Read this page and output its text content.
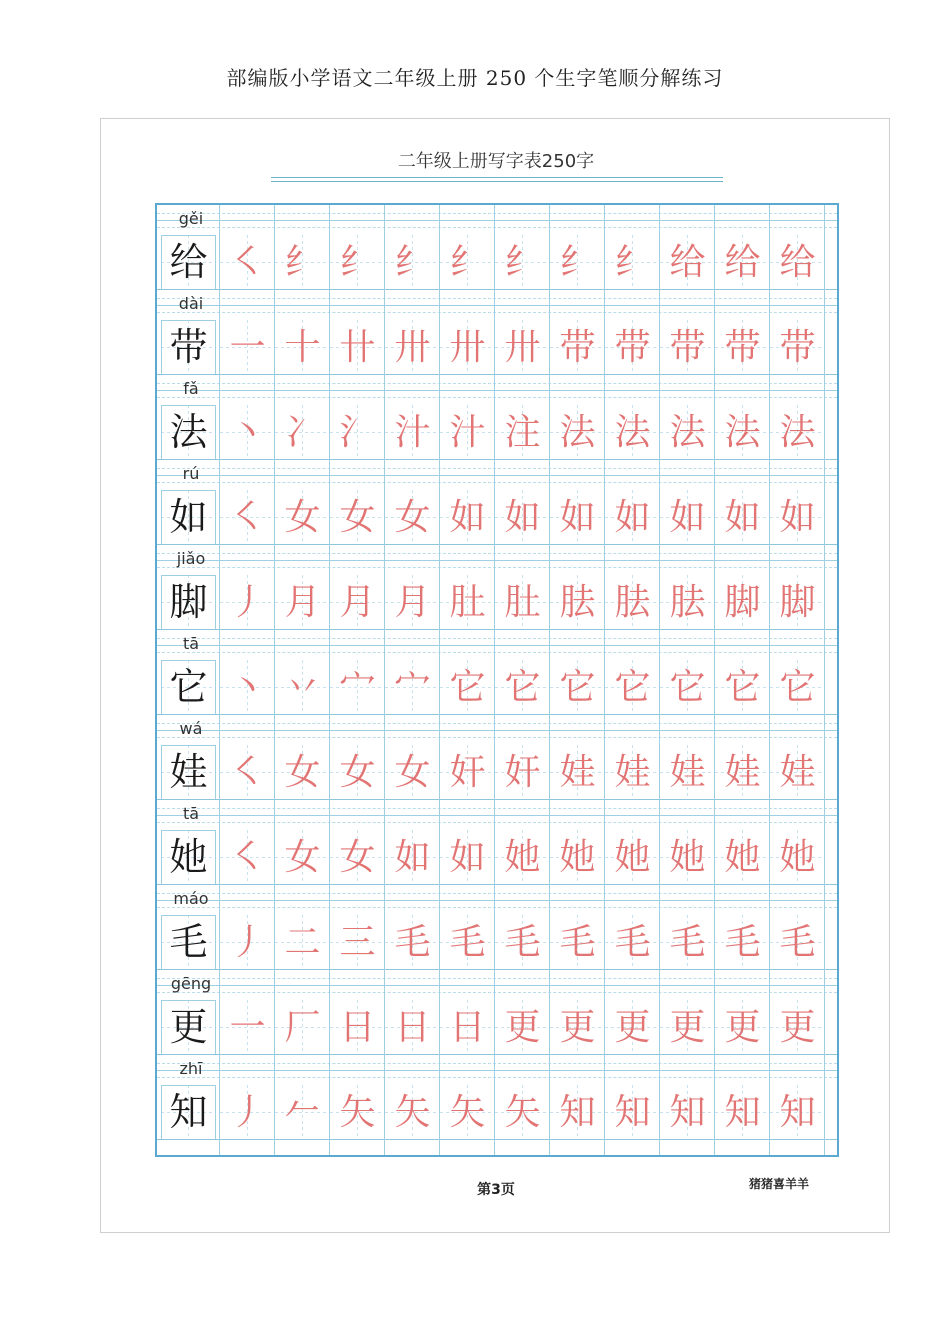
部编版小学语文二年级上册 250 个生字笔顺分解练习
二年级上册写字表250字
gěi
给 ㇛ 纟 纟 纟 纟 纟 纟 纟 给 给 给
dài
带 一 十 卄 卅 卅 卅 带 带 带 带 带
fǎ
法 丶 冫 氵 汁 汁 注 法 法 法 法 法
rú
如 ㇛ 女 女 女 如 如 如 如 如 如 如
jiǎo
脚 丿 月 月 月 肚 肚 胠 胠 胠 脚 脚
tā
它 丶 丷 宀 宀 它 它 它 它 它 它 它
wá
娃 ㇛ 女 女 女 奸 奸 娃 娃 娃 娃 娃
tā
她 ㇛ 女 女 如 如 她 她 她 她 她 她
máo
毛 丿 二 三 毛 毛 毛 毛 毛 毛 毛 毛
gēng
更 一 厂 日 日 日 更 更 更 更 更 更
zhī
知 丿 𠂉 矢 矢 矢 矢 知 知 知 知 知
第3页	猪猪喜羊羊
